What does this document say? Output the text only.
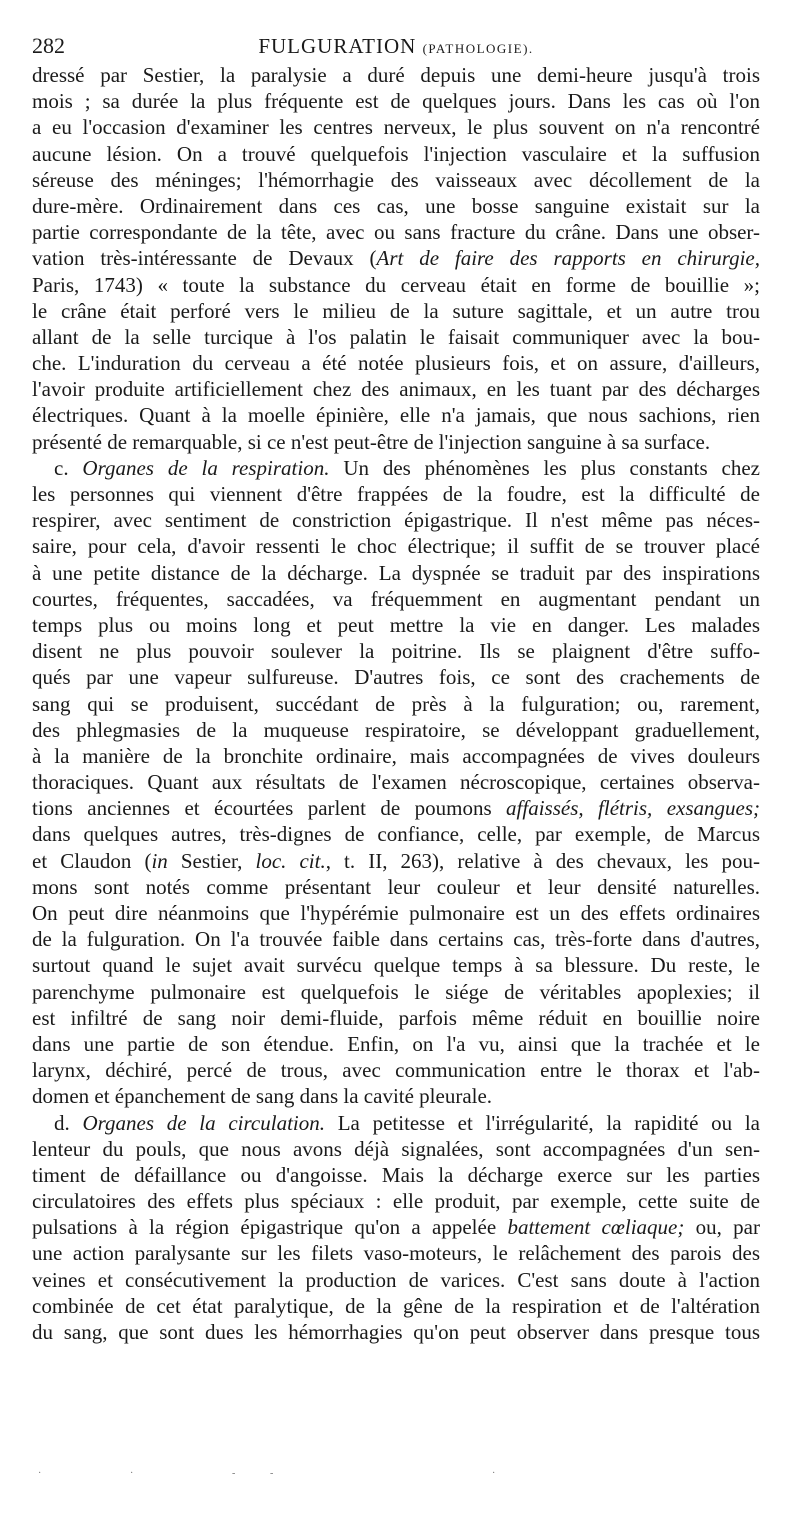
282	FULGURATION (PATHOLOGIE).
dressé par Sestier, la paralysie a duré depuis une demi-heure jusqu'à trois
mois ; sa durée la plus fréquente est de quelques jours. Dans les cas où l'on
a eu l'occasion d'examiner les centres nerveux, le plus souvent on n'a rencontré
aucune lésion. On a trouvé quelquefois l'injection vasculaire et la suffusion
séreuse des méninges; l'hémorrhagie des vaisseaux avec décollement de la
dure-mère. Ordinairement dans ces cas, une bosse sanguine existait sur la
partie correspondante de la tête, avec ou sans fracture du crâne. Dans une obser-
vation très-intéressante de Devaux (Art de faire des rapports en chirurgie,
Paris, 1743) « toute la substance du cerveau était en forme de bouillie »;
le crâne était perforé vers le milieu de la suture sagittale, et un autre trou
allant de la selle turcique à l'os palatin le faisait communiquer avec la bou-
che. L'induration du cerveau a été notée plusieurs fois, et on assure, d'ailleurs,
l'avoir produite artificiellement chez des animaux, en les tuant par des décharges
électriques. Quant à la moelle épinière, elle n'a jamais, que nous sachions, rien
présenté de remarquable, si ce n'est peut-être de l'injection sanguine à sa surface.
c. Organes de la respiration. Un des phénomènes les plus constants chez
les personnes qui viennent d'être frappées de la foudre, est la difficulté de
respirer, avec sentiment de constriction épigastrique. Il n'est même pas néces-
saire, pour cela, d'avoir ressenti le choc électrique; il suffit de se trouver placé
à une petite distance de la décharge. La dyspnée se traduit par des inspirations
courtes, fréquentes, saccadées, va fréquemment en augmentant pendant un
temps plus ou moins long et peut mettre la vie en danger. Les malades
disent ne plus pouvoir soulever la poitrine. Ils se plaignent d'être suffo-
qués par une vapeur sulfureuse. D'autres fois, ce sont des crachements de
sang qui se produisent, succédant de près à la fulguration; ou, rarement,
des phlegmasies de la muqueuse respiratoire, se développant graduellement,
à la manière de la bronchite ordinaire, mais accompagnées de vives douleurs
thoraciques. Quant aux résultats de l'examen nécroscopique, certaines observa-
tions anciennes et écourtées parlent de poumons affaissés, flétris, exsangues;
dans quelques autres, très-dignes de confiance, celle, par exemple, de Marcus
et Claudon (in Sestier, loc. cit., t. II, 263), relative à des chevaux, les pou-
mons sont notés comme présentant leur couleur et leur densité naturelles.
On peut dire néanmoins que l'hypérémie pulmonaire est un des effets ordinaires
de la fulguration. On l'a trouvée faible dans certains cas, très-forte dans d'autres,
surtout quand le sujet avait survécu quelque temps à sa blessure. Du reste, le
parenchyme pulmonaire est quelquefois le siége de véritables apoplexies; il
est infiltré de sang noir demi-fluide, parfois même réduit en bouillie noire
dans une partie de son étendue. Enfin, on l'a vu, ainsi que la trachée et le
larynx, déchiré, percé de trous, avec communication entre le thorax et l'ab-
domen et épanchement de sang dans la cavité pleurale.
d. Organes de la circulation. La petitesse et l'irrégularité, la rapidité ou la
lenteur du pouls, que nous avons déjà signalées, sont accompagnées d'un sen-
timent de défaillance ou d'angoisse. Mais la décharge exerce sur les parties
circulatoires des effets plus spéciaux : elle produit, par exemple, cette suite de
pulsations à la région épigastrique qu'on a appelée battement cœliaque; ou, par
une action paralysante sur les filets vaso-moteurs, le relâchement des parois des
veines et consécutivement la production de varices. C'est sans doute à l'action
combinée de cet état paralytique, de la gêne de la respiration et de l'altération
du sang, que sont dues les hémorrhagies qu'on peut observer dans presque tous
·	·	-	-	·
